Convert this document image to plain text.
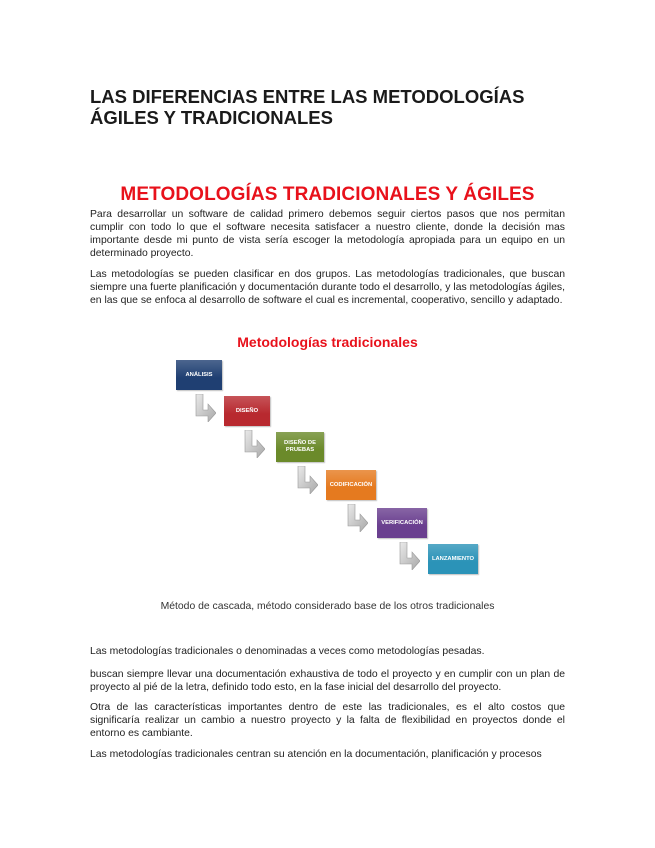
LAS DIFERENCIAS ENTRE LAS METODOLOGÍAS ÁGILES Y TRADICIONALES
METODOLOGÍAS TRADICIONALES Y ÁGILES

Para desarrollar un software de calidad primero debemos seguir ciertos pasos que nos permitan cumplir con todo lo que el software necesita satisfacer a nuestro cliente, donde la decisión mas importante desde mi punto de vista sería escoger la metodología apropiada para un equipo en un determinado proyecto.

Las metodologías se pueden clasificar en dos grupos. Las metodologías tradicionales, que buscan siempre una fuerte planificación y documentación durante todo el desarrollo, y las metodologías ágiles, en las que se enfoca al desarrollo de software el cual es incremental, cooperativo, sencillo y adaptado.

Metodologías tradicionales
ANÁLISIS
DISEÑO
DISEÑO DE PRUEBAS
CODIFICACIÓN
VERIFICACIÓN
LANZAMIENTO

Método de cascada, método considerado base de los otros tradicionales

Las metodologías tradicionales o denominadas a veces como metodologías pesadas.

buscan siempre llevar una documentación exhaustiva de todo el proyecto y en cumplir con un plan de proyecto al pié de la letra, definido todo esto, en la fase inicial del desarrollo del proyecto.

Otra de las características importantes dentro de este las tradicionales, es el alto costos que significaría realizar un cambio a nuestro proyecto y la falta de flexibilidad en proyectos donde el entorno es cambiante.

Las metodologías tradicionales centran su atención en la documentación, planificación y procesos
